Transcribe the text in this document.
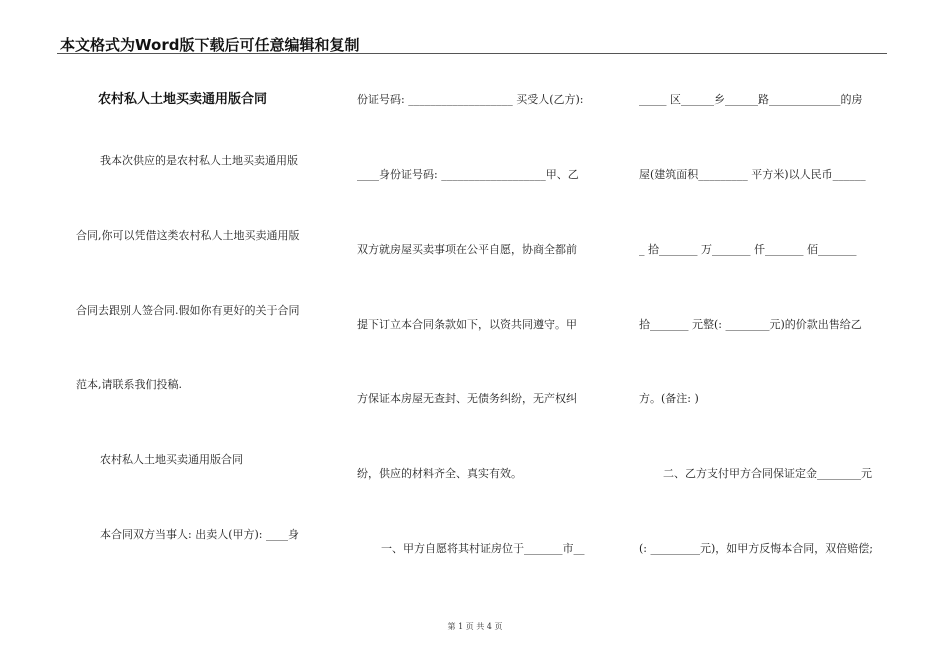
本文格式为Word版下载后可任意编辑和复制
农村私人土地买卖通用版合同
我本次供应的是农村私人土地买卖通用版
合同,你可以凭借这类农村私人土地买卖通用版
合同去跟别人签合同.假如你有更好的关于合同
范本,请联系我们投稿.
农村私人土地买卖通用版合同
本合同双方当事人: 出卖人(甲方): ____身
份证号码: ___________________ 买受人(乙方):
____身份证号码: ___________________甲、乙
双方就房屋买卖事项在公平自愿，协商全都前
提下订立本合同条款如下，以资共同遵守。甲
方保证本房屋无查封、无债务纠纷，无产权纠
纷，供应的材料齐全、真实有效。
一、甲方自愿将其村证房位于_______市__
_____ 区______乡______路_____________的房
屋(建筑面积_________ 平方米)以人民币______
_ 拾_______ 万_______ 仟_______ 佰_______
拾_______ 元整(: ________元)的价款出售给乙
方。(备注: )
二、乙方支付甲方合同保证定金________元
(: _________元)，如甲方反悔本合同，双倍赔偿;
第 1 页 共 4 页
